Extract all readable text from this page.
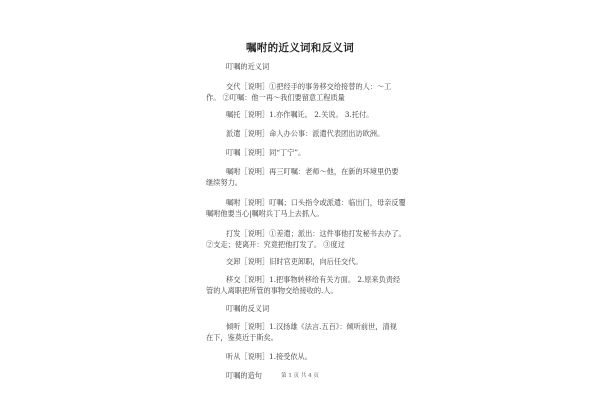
嘱咐的近义词和反义词
叮嘱的近义词
交代［说明］①把经手的事务移交给接替的人：～工
作。 ②叮嘱：他一再～我们要留意工程质量
嘱托［说明］1.亦作嘱讬。 2.关说。 3.托付。
派遣［说明］命人办公事：派遣代表团出访欧洲。
叮嘱［说明］同“丁宁”。
嘱咐［说明］再三叮嘱：老师～他，在新的环境里仍要
继续努力。
嘱咐［说明］叮嘱；口头指令或派遣：临出门，母亲反覆
嘱咐他要当心|嘱咐兵丁马上去抓人。
打发［说明］①差遣；派出：这件事他打发秘书去办了。
②支走；使离开：究竟把他打发了。 ③度过
交卸［说明］旧时官吏卸职，向后任交代。
移交［说明］1.把事物转移给有关方面。 2.原来负责经
管的人离职把所管的事物交给接收的.人。
叮嘱的反义词
倾听［说明］1.汉扬雄《法言.五百》：倾听前世，清视
在下，鉴莫近于斯矣。
听从［说明］1.接受依从。
叮嘱的造句	第 1 页 共 4 页
